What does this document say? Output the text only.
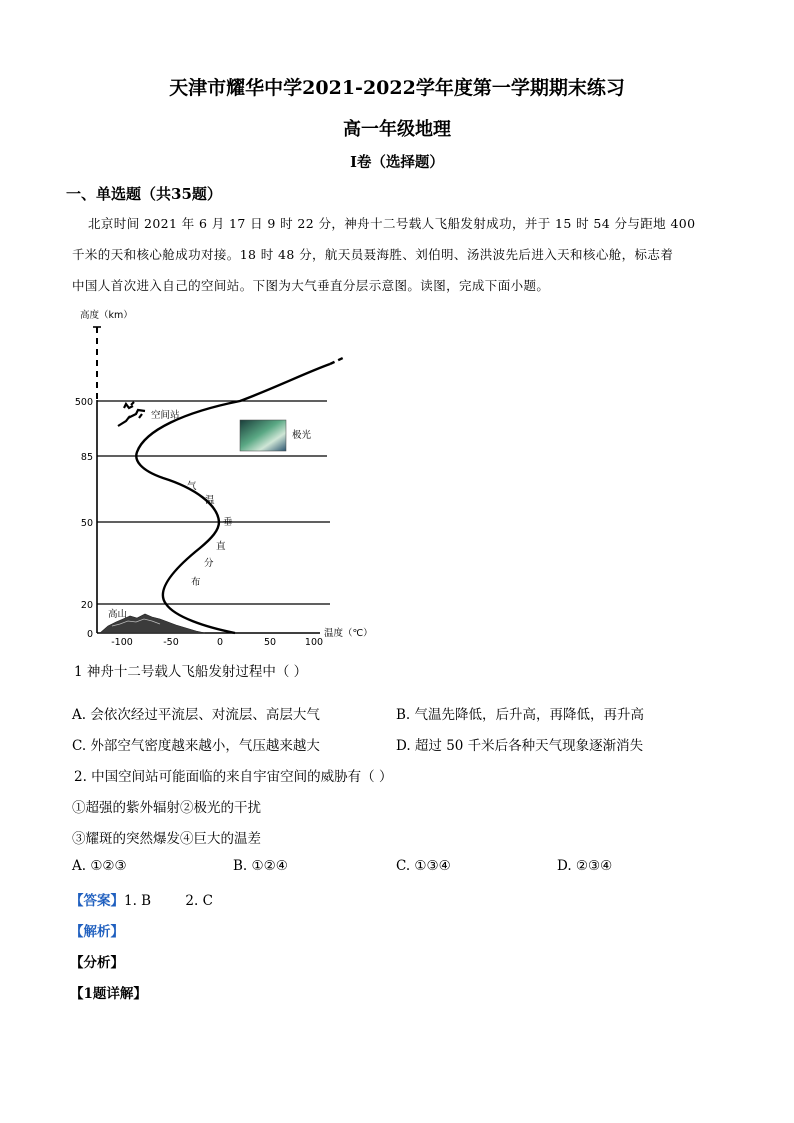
天津市耀华中学2021-2022学年度第一学期期末练习
高一年级地理
I卷（选择题）
一、单选题（共35题）
北京时间 2021 年 6 月 17 日 9 时 22 分，神舟十二号载人飞船发射成功，并于 15 时 54 分与距地 400
千米的天和核心舱成功对接。18 时 48 分，航天员聂海胜、刘伯明、汤洪波先后进入天和核心舱，标志着
中国人首次进入自己的空间站。下图为大气垂直分层示意图。读图，完成下面小题。
高度（km）
温度（℃）
500
85
50
20
0
-100	-50	0	50	100
空间站
极光
高山
气
温
垂
直
分
布
1 神舟十二号载人飞船发射过程中（ ）
A. 会依次经过平流层、对流层、高层大气	B. 气温先降低，后升高，再降低，再升高
C. 外部空气密度越来越小，气压越来越大	D. 超过 50 千米后各种天气现象逐渐消失
2. 中国空间站可能面临的来自宇宙空间的威胁有（ ）
①超强的紫外辐射②极光的干扰
③耀斑的突然爆发④巨大的温差
A. ①②③	B. ①②④	C. ①③④	D. ②③④
【答案】1. B        2. C
【解析】
【分析】
【1题详解】
